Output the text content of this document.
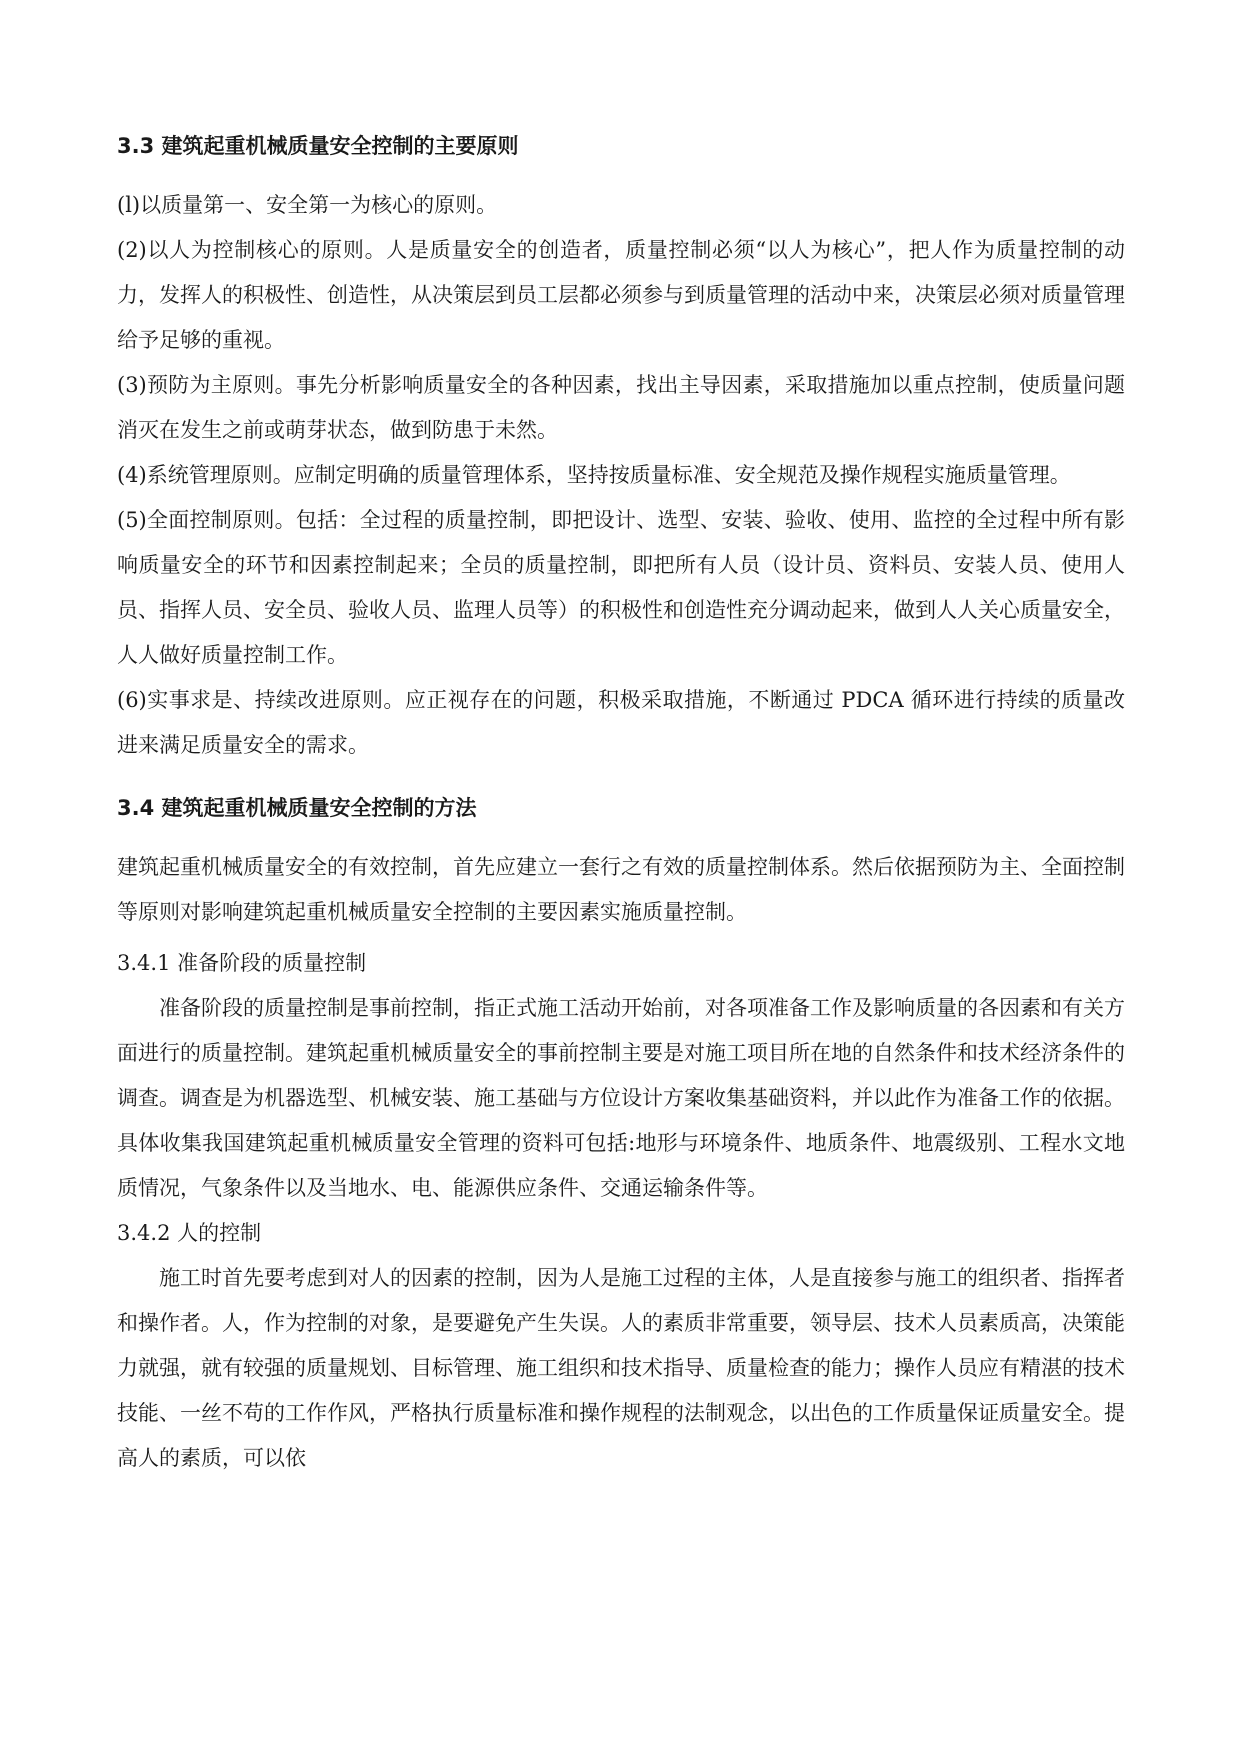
3.3 建筑起重机械质量安全控制的主要原则

(l)以质量第一、安全第一为核心的原则。

(2)以人为控制核心的原则。人是质量安全的创造者，质量控制必须“以人为核心”，把人作为质量控制的动力，发挥人的积极性、创造性，从决策层到员工层都必须参与到质量管理的活动中来，决策层必须对质量管理给予足够的重视。

(3)预防为主原则。事先分析影响质量安全的各种因素，找出主导因素，采取措施加以重点控制，使质量问题消灭在发生之前或萌芽状态，做到防患于未然。

(4)系统管理原则。应制定明确的质量管理体系，坚持按质量标准、安全规范及操作规程实施质量管理。

(5)全面控制原则。包括：全过程的质量控制，即把设计、选型、安装、验收、使用、监控的全过程中所有影响质量安全的环节和因素控制起来；全员的质量控制，即把所有人员（设计员、资料员、安装人员、使用人员、指挥人员、安全员、验收人员、监理人员等）的积极性和创造性充分调动起来，做到人人关心质量安全，人人做好质量控制工作。

(6)实事求是、持续改进原则。应正视存在的问题，积极采取措施，不断通过 PDCA 循环进行持续的质量改进来满足质量安全的需求。

3.4 建筑起重机械质量安全控制的方法

建筑起重机械质量安全的有效控制，首先应建立一套行之有效的质量控制体系。然后依据预防为主、全面控制等原则对影响建筑起重机械质量安全控制的主要因素实施质量控制。

3.4.1 准备阶段的质量控制

准备阶段的质量控制是事前控制，指正式施工活动开始前，对各项准备工作及影响质量的各因素和有关方面进行的质量控制。建筑起重机械质量安全的事前控制主要是对施工项目所在地的自然条件和技术经济条件的调查。调查是为机器选型、机械安装、施工基础与方位设计方案收集基础资料，并以此作为准备工作的依据。具体收集我国建筑起重机械质量安全管理的资料可包括:地形与环境条件、地质条件、地震级别、工程水文地质情况，气象条件以及当地水、电、能源供应条件、交通运输条件等。

3.4.2 人的控制

施工时首先要考虑到对人的因素的控制，因为人是施工过程的主体，人是直接参与施工的组织者、指挥者和操作者。人，作为控制的对象，是要避免产生失误。人的素质非常重要，领导层、技术人员素质高，决策能力就强，就有较强的质量规划、目标管理、施工组织和技术指导、质量检查的能力；操作人员应有精湛的技术技能、一丝不苟的工作作风，严格执行质量标准和操作规程的法制观念，以出色的工作质量保证质量安全。提高人的素质，可以依
